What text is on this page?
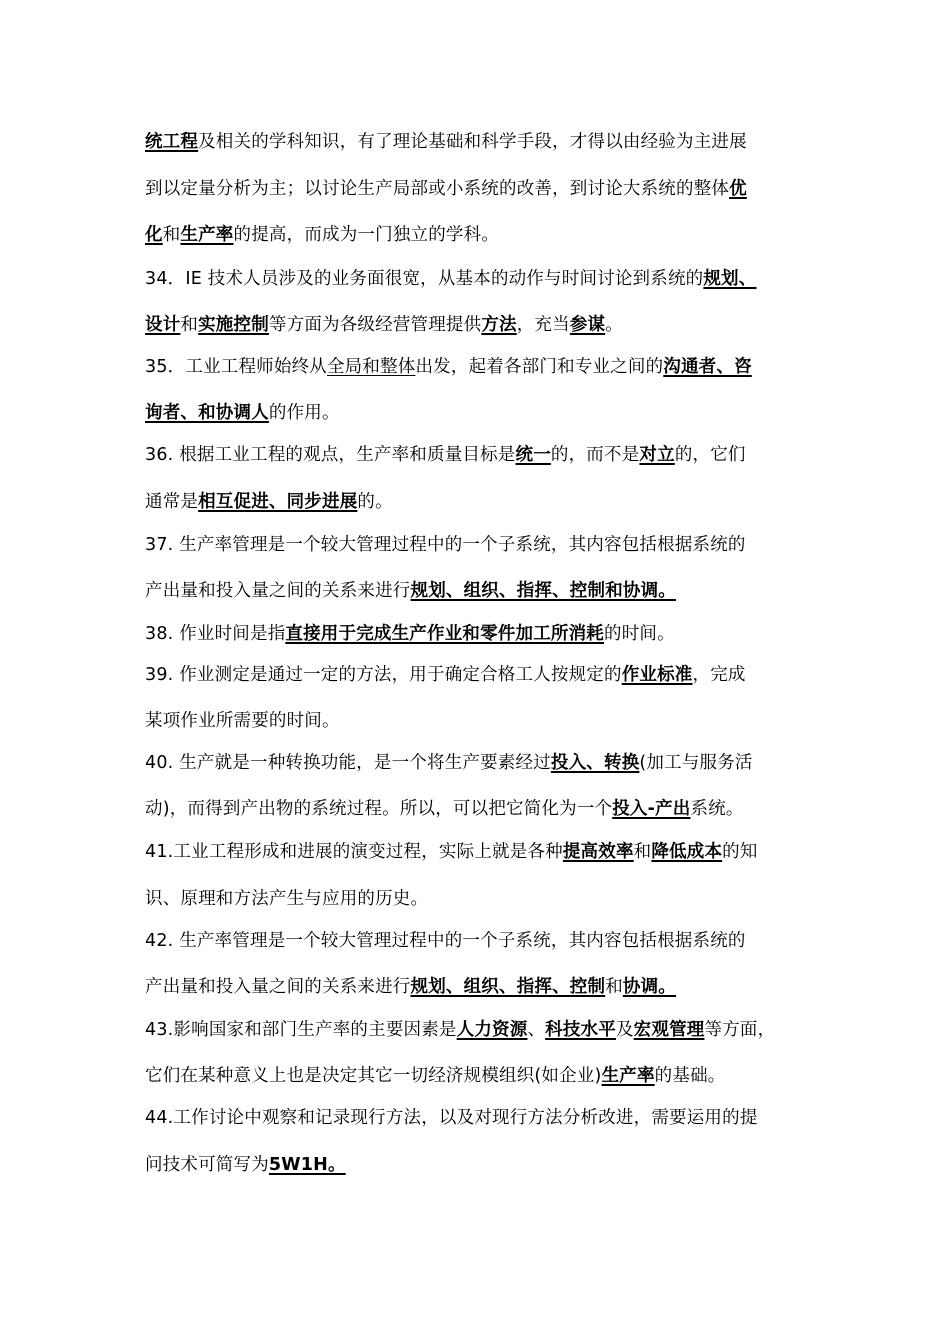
统工程及相关的学科知识，有了理论基础和科学手段，才得以由经验为主进展
到以定量分析为主；以讨论生产局部或小系统的改善，到讨论大系统的整体优
化和生产率的提高，而成为一门独立的学科。
34．IE 技术人员涉及的业务面很宽，从基本的动作与时间讨论到系统的规划、
设计和实施控制等方面为各级经营管理提供方法，充当参谋。
35．工业工程师始终从全局和整体出发，起着各部门和专业之间的沟通者、咨
询者、和协调人的作用。
36. 根据工业工程的观点，生产率和质量目标是统一的，而不是对立的，它们
通常是相互促进、同步进展的。
37. 生产率管理是一个较大管理过程中的一个子系统，其内容包括根据系统的
产出量和投入量之间的关系来进行规划、组织、指挥、控制和协调。
38. 作业时间是指直接用于完成生产作业和零件加工所消耗的时间。
39. 作业测定是通过一定的方法，用于确定合格工人按规定的作业标准，完成
某项作业所需要的时间。
40. 生产就是一种转换功能，是一个将生产要素经过投入、转换(加工与服务活
动)，而得到产出物的系统过程。所以，可以把它简化为一个投入-产出系统。
41.工业工程形成和进展的演变过程，实际上就是各种提高效率和降低成本的知
识、原理和方法产生与应用的历史。
42. 生产率管理是一个较大管理过程中的一个子系统，其内容包括根据系统的
产出量和投入量之间的关系来进行规划、组织、指挥、控制和协调。
43.影响国家和部门生产率的主要因素是人力资源、科技水平及宏观管理等方面，
它们在某种意义上也是决定其它一切经济规模组织(如企业)生产率的基础。
44.工作讨论中观察和记录现行方法，以及对现行方法分析改进，需要运用的提
问技术可简写为5W1H。
